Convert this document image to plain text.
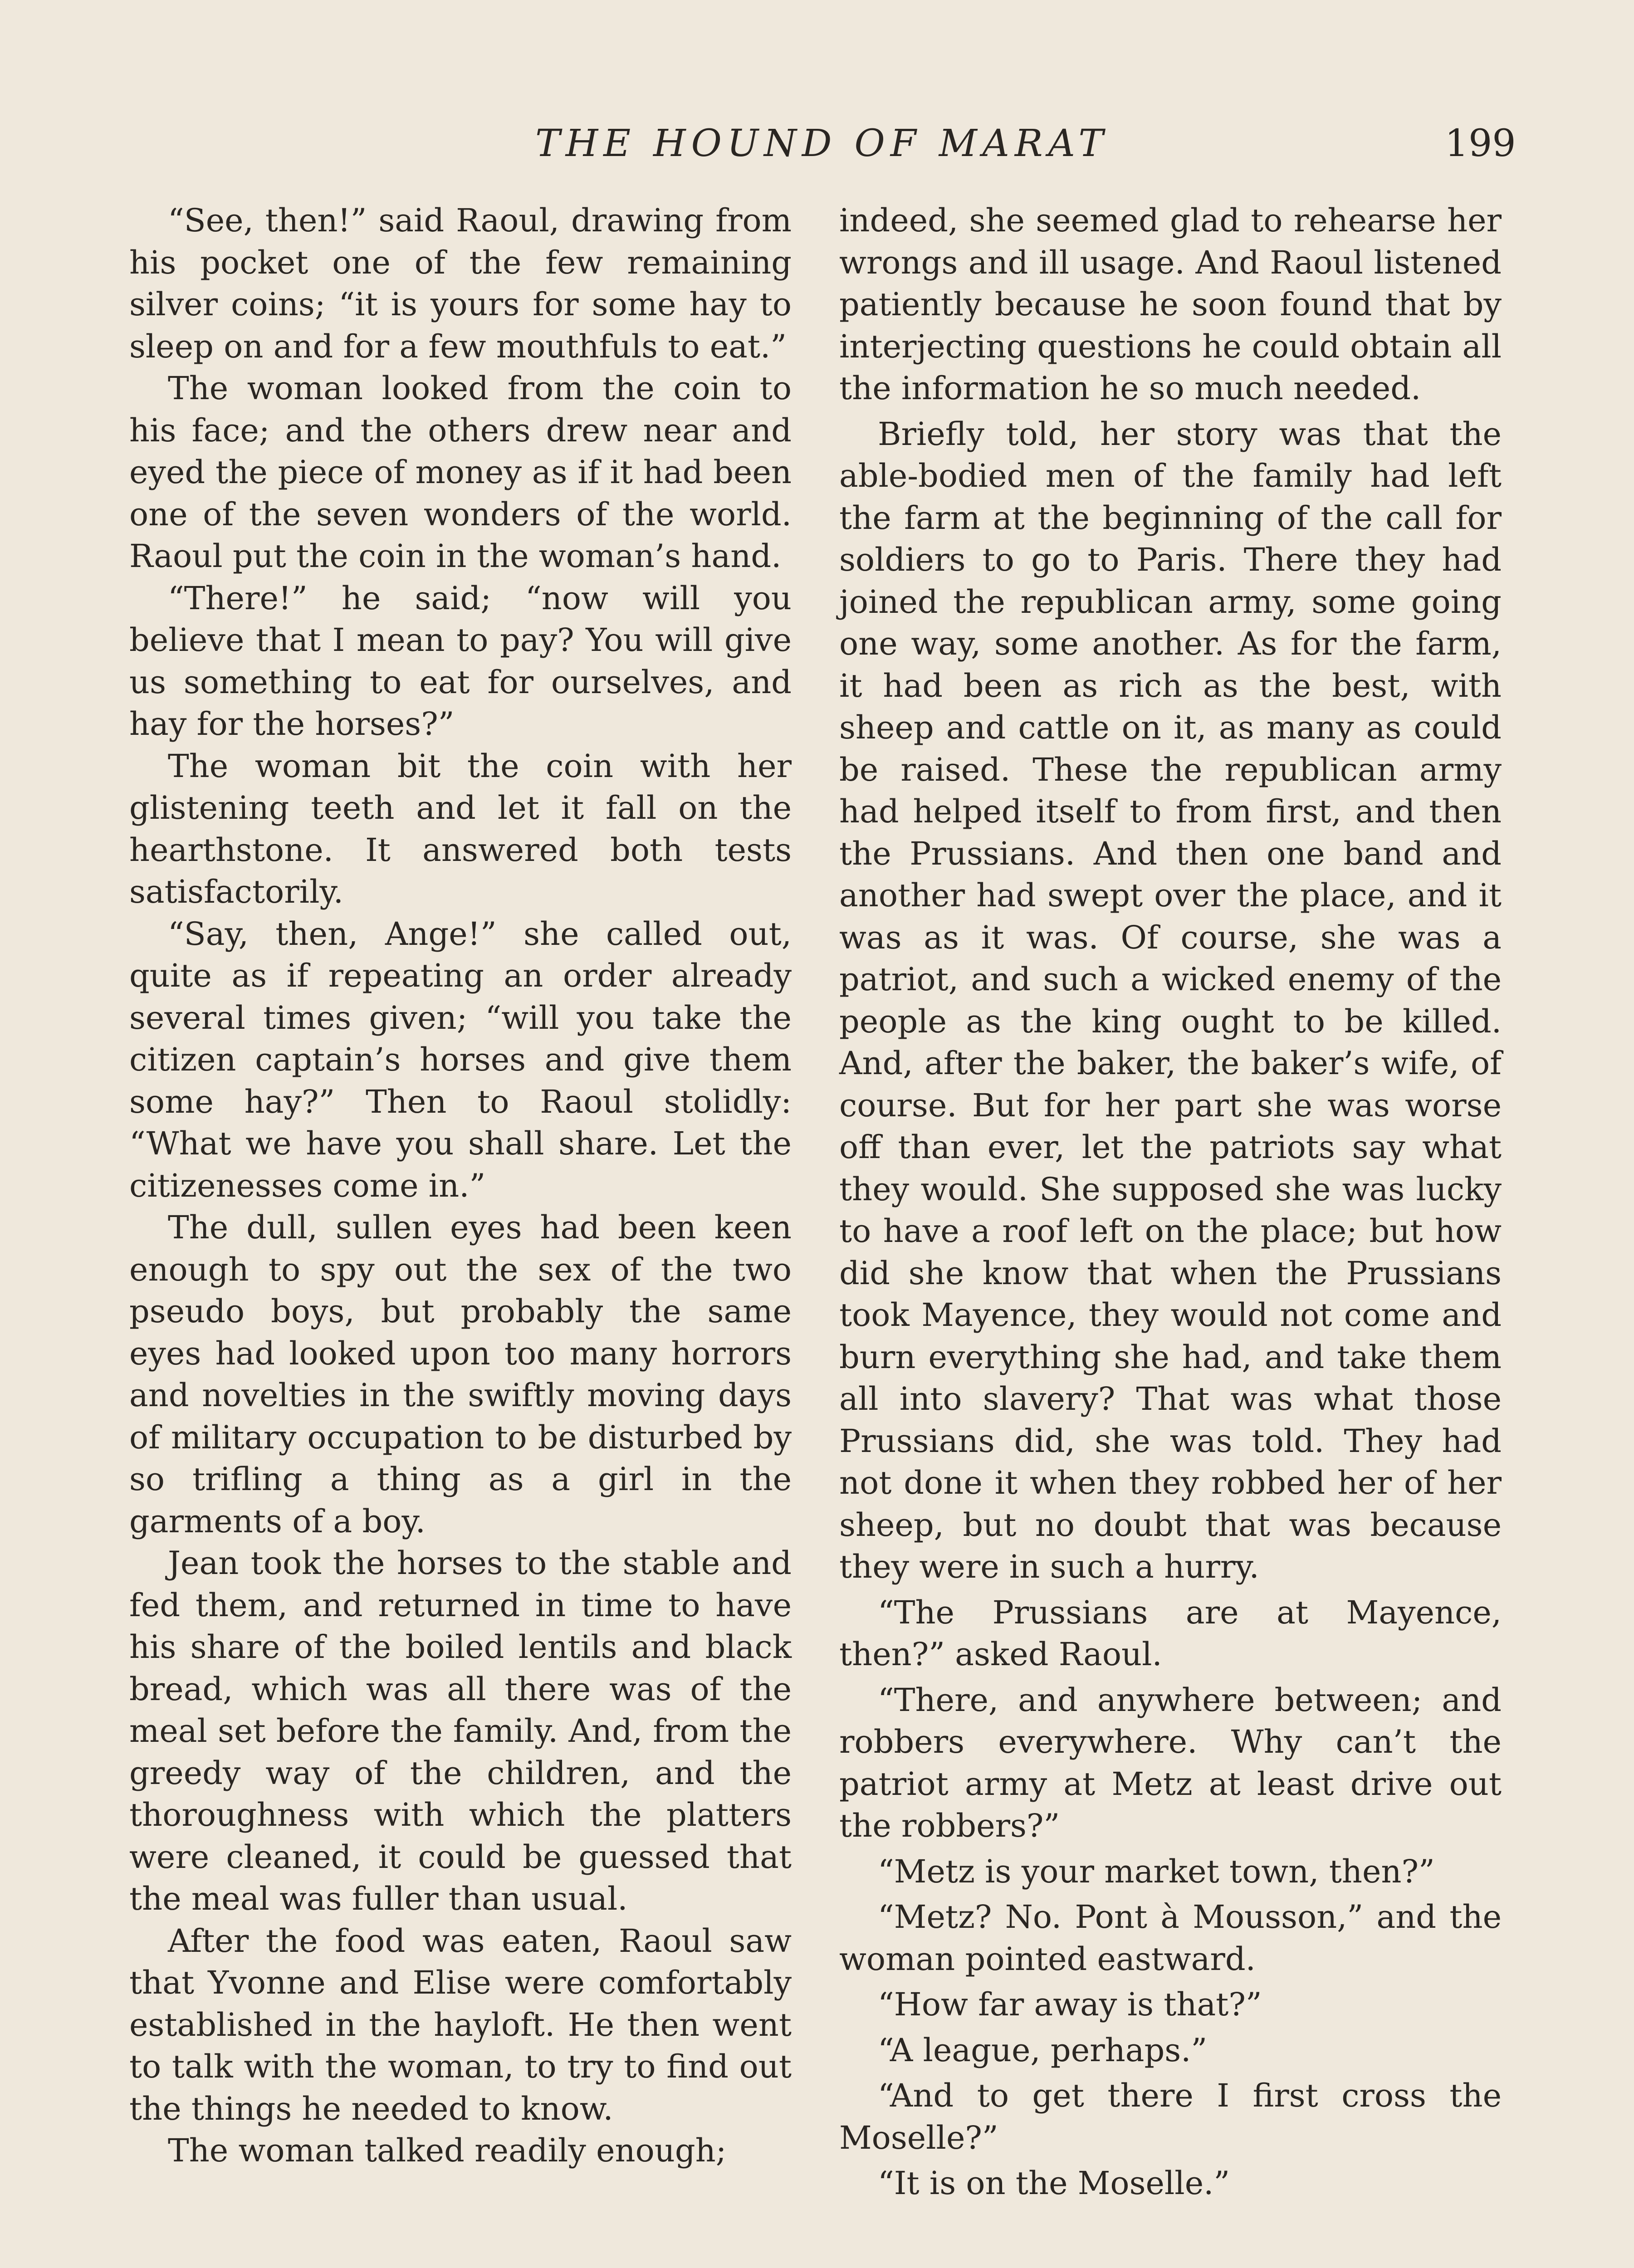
THE HOUND OF MARAT	199

“See, then!” said Raoul, drawing from his pocket one of the few remaining silver coins; “it is yours for some hay to sleep on and for a few mouthfuls to eat.”

The woman looked from the coin to his face; and the others drew near and eyed the piece of money as if it had been one of the seven wonders of the world. Raoul put the coin in the woman’s hand.

“There!” he said; “now will you believe that I mean to pay? You will give us something to eat for ourselves, and hay for the horses?”

The woman bit the coin with her glistening teeth and let it fall on the hearthstone. It answered both tests satisfactorily.

“Say, then, Ange!” she called out, quite as if repeating an order already several times given; “will you take the citizen captain’s horses and give them some hay?” Then to Raoul stolidly: “What we have you shall share. Let the citizenesses come in.”

The dull, sullen eyes had been keen enough to spy out the sex of the two pseudo boys, but probably the same eyes had looked upon too many horrors and novelties in the swiftly moving days of military occupation to be disturbed by so trifling a thing as a girl in the garments of a boy.

Jean took the horses to the stable and fed them, and returned in time to have his share of the boiled lentils and black bread, which was all there was of the meal set before the family. And, from the greedy way of the children, and the thoroughness with which the platters were cleaned, it could be guessed that the meal was fuller than usual.

After the food was eaten, Raoul saw that Yvonne and Elise were comfortably established in the hayloft. He then went to talk with the woman, to try to find out the things he needed to know.

The woman talked readily enough;

indeed, she seemed glad to rehearse her wrongs and ill usage. And Raoul listened patiently because he soon found that by interjecting questions he could obtain all the information he so much needed.

Briefly told, her story was that the able-bodied men of the family had left the farm at the beginning of the call for soldiers to go to Paris. There they had joined the republican army, some going one way, some another. As for the farm, it had been as rich as the best, with sheep and cattle on it, as many as could be raised. These the republican army had helped itself to from first, and then the Prussians. And then one band and another had swept over the place, and it was as it was. Of course, she was a patriot, and such a wicked enemy of the people as the king ought to be killed. And, after the baker, the baker’s wife, of course. But for her part she was worse off than ever, let the patriots say what they would. She supposed she was lucky to have a roof left on the place; but how did she know that when the Prussians took Mayence, they would not come and burn everything she had, and take them all into slavery? That was what those Prussians did, she was told. They had not done it when they robbed her of her sheep, but no doubt that was because they were in such a hurry.

“The Prussians are at Mayence, then?” asked Raoul.

“There, and anywhere between; and robbers everywhere. Why can’t the patriot army at Metz at least drive out the robbers?”

“Metz is your market town, then?”

“Metz? No. Pont à Mousson,” and the woman pointed eastward.

“How far away is that?”

“A league, perhaps.”

“And to get there I first cross the Moselle?”

“It is on the Moselle.”
